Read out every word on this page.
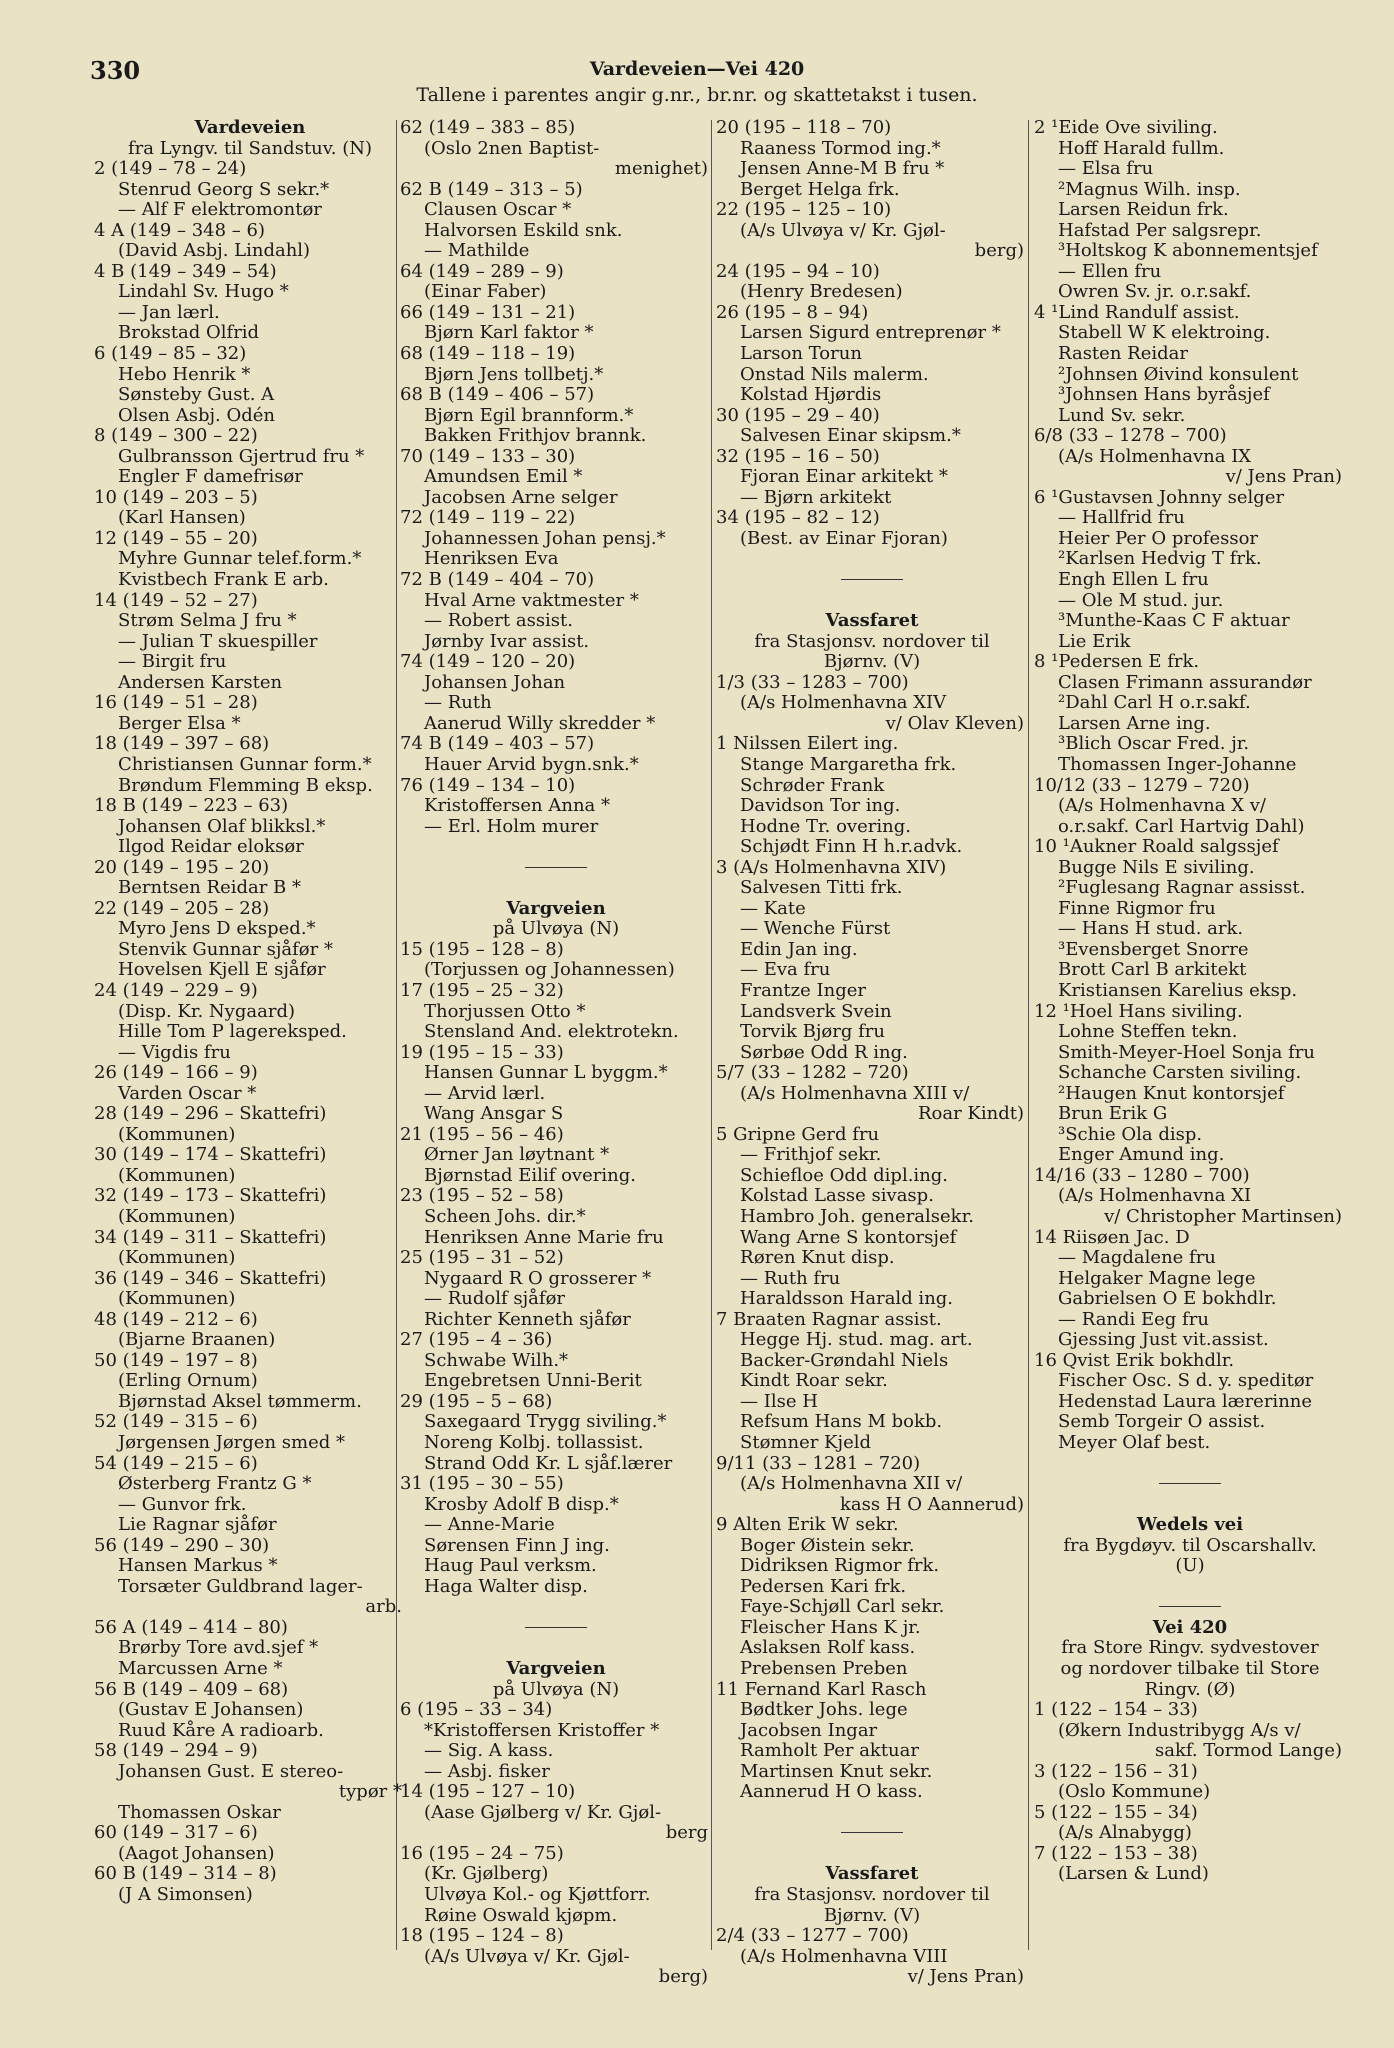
330	Vardeveien—Vei 420
Tallene i parentes angir g.nr., br.nr. og skattetakst i tusen.
Vardeveien
fra Lyngv. til Sandstuv. (N)
2 (149 – 78 – 24)
Stenrud Georg S sekr.*
— Alf F elektromontør
4 A (149 – 348 – 6)
(David Asbj. Lindahl)
4 B (149 – 349 – 54)
Lindahl Sv. Hugo *
— Jan lærl.
Brokstad Olfrid
6 (149 – 85 – 32)
Hebo Henrik *
Sønsteby Gust. A
Olsen Asbj. Odén
8 (149 – 300 – 22)
Gulbransson Gjertrud fru *
Engler F damefrisør
10 (149 – 203 – 5)
(Karl Hansen)
12 (149 – 55 – 20)
Myhre Gunnar telef.form.*
Kvistbech Frank E arb.
14 (149 – 52 – 27)
Strøm Selma J fru *
— Julian T skuespiller
— Birgit fru
Andersen Karsten
16 (149 – 51 – 28)
Berger Elsa *
18 (149 – 397 – 68)
Christiansen Gunnar form.*
Brøndum Flemming B eksp.
18 B (149 – 223 – 63)
Johansen Olaf blikksl.*
Ilgod Reidar eloksør
20 (149 – 195 – 20)
Berntsen Reidar B *
22 (149 – 205 – 28)
Myro Jens D eksped.*
Stenvik Gunnar sjåfør *
Hovelsen Kjell E sjåfør
24 (149 – 229 – 9)
(Disp. Kr. Nygaard)
Hille Tom P lagereksped.
— Vigdis fru
26 (149 – 166 – 9)
Varden Oscar *
28 (149 – 296 – Skattefri)
(Kommunen)
30 (149 – 174 – Skattefri)
(Kommunen)
32 (149 – 173 – Skattefri)
(Kommunen)
34 (149 – 311 – Skattefri)
(Kommunen)
36 (149 – 346 – Skattefri)
(Kommunen)
48 (149 – 212 – 6)
(Bjarne Braanen)
50 (149 – 197 – 8)
(Erling Ornum)
Bjørnstad Aksel tømmerm.
52 (149 – 315 – 6)
Jørgensen Jørgen smed *
54 (149 – 215 – 6)
Østerberg Frantz G *
— Gunvor frk.
Lie Ragnar sjåfør
56 (149 – 290 – 30)
Hansen Markus *
Torsæter Guldbrand lager-
arb.
56 A (149 – 414 – 80)
Brørby Tore avd.sjef *
Marcussen Arne *
56 B (149 – 409 – 68)
(Gustav E Johansen)
Ruud Kåre A radioarb.
58 (149 – 294 – 9)
Johansen Gust. E stereo-
typør *
Thomassen Oskar
60 (149 – 317 – 6)
(Aagot Johansen)
60 B (149 – 314 – 8)
(J A Simonsen)
62 (149 – 383 – 85)
(Oslo 2nen Baptist-
menighet)
62 B (149 – 313 – 5)
Clausen Oscar *
Halvorsen Eskild snk.
— Mathilde
64 (149 – 289 – 9)
(Einar Faber)
66 (149 – 131 – 21)
Bjørn Karl faktor *
68 (149 – 118 – 19)
Bjørn Jens tollbetj.*
68 B (149 – 406 – 57)
Bjørn Egil brannform.*
Bakken Frithjov brannk.
70 (149 – 133 – 30)
Amundsen Emil *
Jacobsen Arne selger
72 (149 – 119 – 22)
Johannessen Johan pensj.*
Henriksen Eva
72 B (149 – 404 – 70)
Hval Arne vaktmester *
— Robert assist.
Jørnby Ivar assist.
74 (149 – 120 – 20)
Johansen Johan
— Ruth
Aanerud Willy skredder *
74 B (149 – 403 – 57)
Hauer Arvid bygn.snk.*
76 (149 – 134 – 10)
Kristoffersen Anna *
— Erl. Holm murer
Vargveien
på Ulvøya (N)
15 (195 – 128 – 8)
(Torjussen og Johannessen)
17 (195 – 25 – 32)
Thorjussen Otto *
Stensland And. elektrotekn.
19 (195 – 15 – 33)
Hansen Gunnar L byggm.*
— Arvid lærl.
Wang Ansgar S
21 (195 – 56 – 46)
Ørner Jan løytnant *
Bjørnstad Eilif overing.
23 (195 – 52 – 58)
Scheen Johs. dir.*
Henriksen Anne Marie fru
25 (195 – 31 – 52)
Nygaard R O grosserer *
— Rudolf sjåfør
Richter Kenneth sjåfør
27 (195 – 4 – 36)
Schwabe Wilh.*
Engebretsen Unni-Berit
29 (195 – 5 – 68)
Saxegaard Trygg siviling.*
Noreng Kolbj. tollassist.
Strand Odd Kr. L sjåf.lærer
31 (195 – 30 – 55)
Krosby Adolf B disp.*
— Anne-Marie
Sørensen Finn J ing.
Haug Paul verksm.
Haga Walter disp.
Vargveien
på Ulvøya (N)
6 (195 – 33 – 34)
*Kristoffersen Kristoffer *
— Sig. A kass.
— Asbj. fisker
14 (195 – 127 – 10)
(Aase Gjølberg v/ Kr. Gjøl-
berg
16 (195 – 24 – 75)
(Kr. Gjølberg)
Ulvøya Kol.- og Kjøttforr.
Røine Oswald kjøpm.
18 (195 – 124 – 8)
(A/s Ulvøya v/ Kr. Gjøl-
berg)
20 (195 – 118 – 70)
Raaness Tormod ing.*
Jensen Anne-M B fru *
Berget Helga frk.
22 (195 – 125 – 10)
(A/s Ulvøya v/ Kr. Gjøl-
berg)
24 (195 – 94 – 10)
(Henry Bredesen)
26 (195 – 8 – 94)
Larsen Sigurd entreprenør *
Larson Torun
Onstad Nils malerm.
Kolstad Hjørdis
30 (195 – 29 – 40)
Salvesen Einar skipsm.*
32 (195 – 16 – 50)
Fjoran Einar arkitekt *
— Bjørn arkitekt
34 (195 – 82 – 12)
(Best. av Einar Fjoran)
Vassfaret
fra Stasjonsv. nordover til
Bjørnv. (V)
1/3 (33 – 1283 – 700)
(A/s Holmenhavna XIV
v/ Olav Kleven)
1 Nilssen Eilert ing.
Stange Margaretha frk.
Schrøder Frank
Davidson Tor ing.
Hodne Tr. overing.
Schjødt Finn H h.r.advk.
3 (A/s Holmenhavna XIV)
Salvesen Titti frk.
— Kate
— Wenche Fürst
Edin Jan ing.
— Eva fru
Frantze Inger
Landsverk Svein
Torvik Bjørg fru
Sørbøe Odd R ing.
5/7 (33 – 1282 – 720)
(A/s Holmenhavna XIII v/
Roar Kindt)
5 Gripne Gerd fru
— Frithjof sekr.
Schiefloe Odd dipl.ing.
Kolstad Lasse sivasp.
Hambro Joh. generalsekr.
Wang Arne S kontorsjef
Røren Knut disp.
— Ruth fru
Haraldsson Harald ing.
7 Braaten Ragnar assist.
Hegge Hj. stud. mag. art.
Backer-Grøndahl Niels
Kindt Roar sekr.
— Ilse H
Refsum Hans M bokb.
Stømner Kjeld
9/11 (33 – 1281 – 720)
(A/s Holmenhavna XII v/
kass H O Aannerud)
9 Alten Erik W sekr.
Boger Øistein sekr.
Didriksen Rigmor frk.
Pedersen Kari frk.
Faye-Schjøll Carl sekr.
Fleischer Hans K jr.
Aslaksen Rolf kass.
Prebensen Preben
11 Fernand Karl Rasch
Bødtker Johs. lege
Jacobsen Ingar
Ramholt Per aktuar
Martinsen Knut sekr.
Aannerud H O kass.
Vassfaret
fra Stasjonsv. nordover til
Bjørnv. (V)
2/4 (33 – 1277 – 700)
(A/s Holmenhavna VIII
v/ Jens Pran)
2 ¹Eide Ove siviling.
Hoff Harald fullm.
— Elsa fru
²Magnus Wilh. insp.
Larsen Reidun frk.
Hafstad Per salgsrepr.
³Holtskog K abonnementsjef
— Ellen fru
Owren Sv. jr. o.r.sakf.
4 ¹Lind Randulf assist.
Stabell W K elektroing.
Rasten Reidar
²Johnsen Øivind konsulent
³Johnsen Hans byråsjef
Lund Sv. sekr.
6/8 (33 – 1278 – 700)
(A/s Holmenhavna IX
v/ Jens Pran)
6 ¹Gustavsen Johnny selger
— Hallfrid fru
Heier Per O professor
²Karlsen Hedvig T frk.
Engh Ellen L fru
— Ole M stud. jur.
³Munthe-Kaas C F aktuar
Lie Erik
8 ¹Pedersen E frk.
Clasen Frimann assurandør
²Dahl Carl H o.r.sakf.
Larsen Arne ing.
³Blich Oscar Fred. jr.
Thomassen Inger-Johanne
10/12 (33 – 1279 – 720)
(A/s Holmenhavna X v/
o.r.sakf. Carl Hartvig Dahl)
10 ¹Aukner Roald salgssjef
Bugge Nils E siviling.
²Fuglesang Ragnar assisst.
Finne Rigmor fru
— Hans H stud. ark.
³Evensberget Snorre
Brott Carl B arkitekt
Kristiansen Karelius eksp.
12 ¹Hoel Hans siviling.
Lohne Steffen tekn.
Smith-Meyer-Hoel Sonja fru
Schanche Carsten siviling.
²Haugen Knut kontorsjef
Brun Erik G
³Schie Ola disp.
Enger Amund ing.
14/16 (33 – 1280 – 700)
(A/s Holmenhavna XI
v/ Christopher Martinsen)
14 Riisøen Jac. D
— Magdalene fru
Helgaker Magne lege
Gabrielsen O E bokhdlr.
— Randi Eeg fru
Gjessing Just vit.assist.
16 Qvist Erik bokhdlr.
Fischer Osc. S d. y. speditør
Hedenstad Laura lærerinne
Semb Torgeir O assist.
Meyer Olaf best.
Wedels vei
fra Bygdøyv. til Oscarshallv.
(U)
Vei 420
fra Store Ringv. sydvestover
og nordover tilbake til Store
Ringv. (Ø)
1 (122 – 154 – 33)
(Økern Industribygg A/s v/
sakf. Tormod Lange)
3 (122 – 156 – 31)
(Oslo Kommune)
5 (122 – 155 – 34)
(A/s Alnabygg)
7 (122 – 153 – 38)
(Larsen & Lund)
